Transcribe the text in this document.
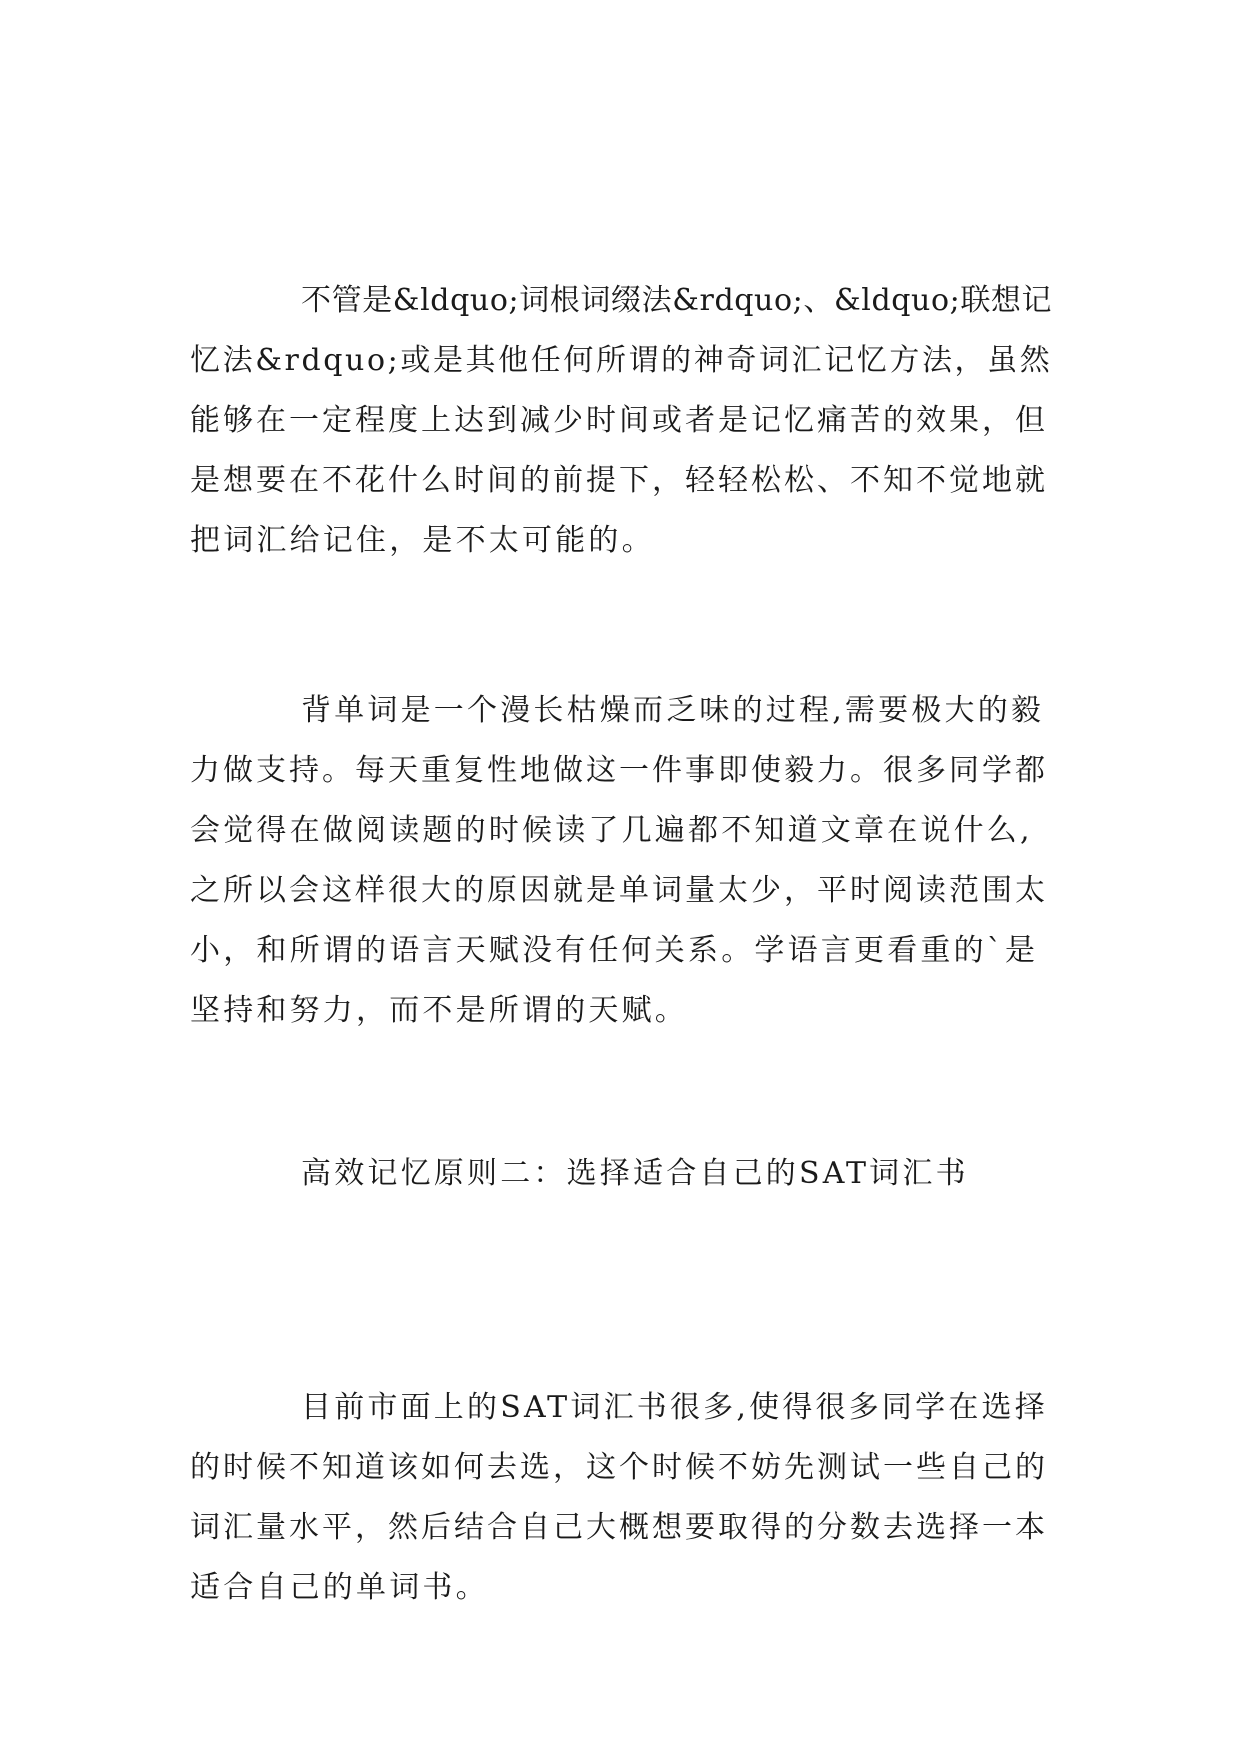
不管是&ldquo;词根词缀法&rdquo;、&ldquo;联想记
忆法&rdquo;或是其他任何所谓的神奇词汇记忆方法，虽然
能够在一定程度上达到减少时间或者是记忆痛苦的效果，但
是想要在不花什么时间的前提下，轻轻松松、不知不觉地就
把词汇给记住，是不太可能的。
背单词是一个漫长枯燥而乏味的过程,需要极大的毅
力做支持。每天重复性地做这一件事即使毅力。很多同学都
会觉得在做阅读题的时候读了几遍都不知道文章在说什么,
之所以会这样很大的原因就是单词量太少，平时阅读范围太
小，和所谓的语言天赋没有任何关系。学语言更看重的`是
坚持和努力，而不是所谓的天赋。
高效记忆原则二：选择适合自己的SAT词汇书
目前市面上的SAT词汇书很多,使得很多同学在选择
的时候不知道该如何去选，这个时候不妨先测试一些自己的
词汇量水平，然后结合自己大概想要取得的分数去选择一本
适合自己的单词书。
